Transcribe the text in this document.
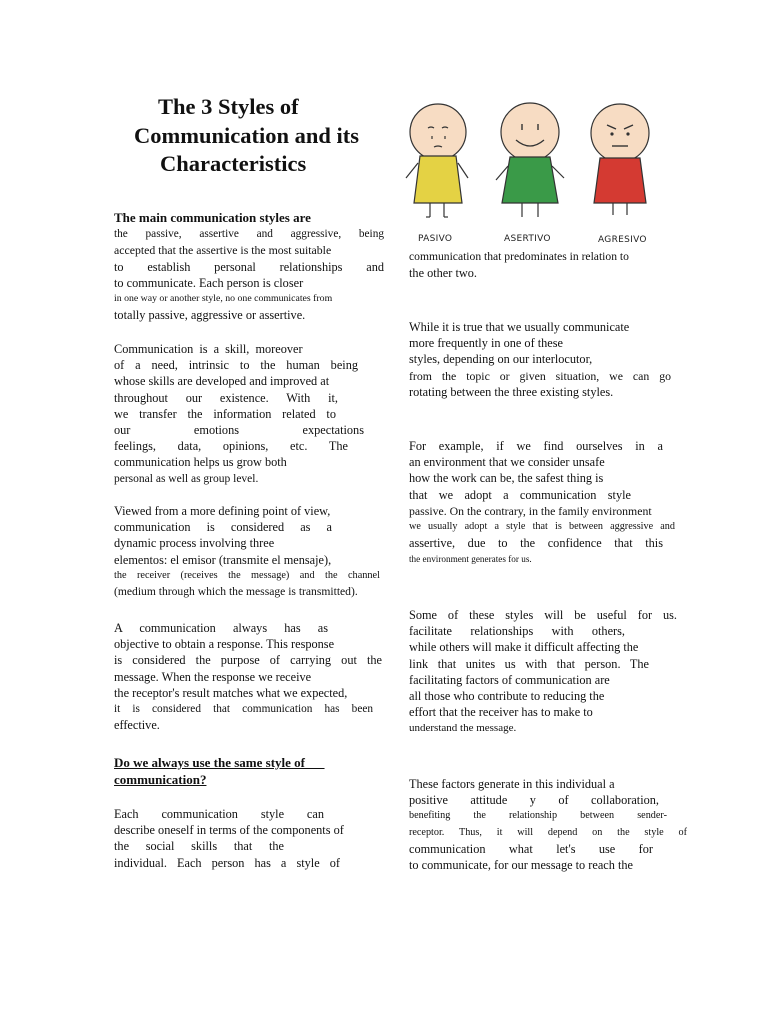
The 3 Styles of
Communication and its
Characteristics
PASIVO	ASERTIVO	AGRESIVO
The main communication styles are
the passive, assertive and aggressive, being
accepted that the assertive is the most suitable
to establish personal relationships and
to communicate. Each person is closer
in one way or another style, no one communicates from
totally passive, aggressive or assertive.
Communication is a skill, moreover
of a need, intrinsic to the human being
whose skills are developed and improved at
throughout our existence. With it,
we transfer the information related to
our emotions expectations
feelings, data, opinions, etc. The
communication helps us grow both
personal as well as group level.
Viewed from a more defining point of view,
communication is considered as a
dynamic process involving three
elementos: el emisor (transmite el mensaje),
the receiver (receives the message) and the channel
(medium through which the message is transmitted).
A communication always has as
objective to obtain a response. This response
is considered the purpose of carrying out the
message. When the response we receive
the receptor's result matches what we expected,
it is considered that communication has been
effective.
Do we always use the same style of
communication?
Each communication style can
describe oneself in terms of the components of
the social skills that the
individual. Each person has a style of
communication that predominates in relation to
the other two.
While it is true that we usually communicate
more frequently in one of these
styles, depending on our interlocutor,
from the topic or given situation, we can go
rotating between the three existing styles.
For example, if we find ourselves in a
an environment that we consider unsafe
how the work can be, the safest thing is
that we adopt a communication style
passive. On the contrary, in the family environment
we usually adopt a style that is between aggressive and
assertive, due to the confidence that this
the environment generates for us.
Some of these styles will be useful for us.
facilitate relationships with others,
while others will make it difficult affecting the
link that unites us with that person. The
facilitating factors of communication are
all those who contribute to reducing the
effort that the receiver has to make to
understand the message.
These factors generate in this individual a
positive attitude y of collaboration,
benefiting the relationship between sender-
receptor. Thus, it will depend on the style of
communication what let's use for
to communicate, for our message to reach the
